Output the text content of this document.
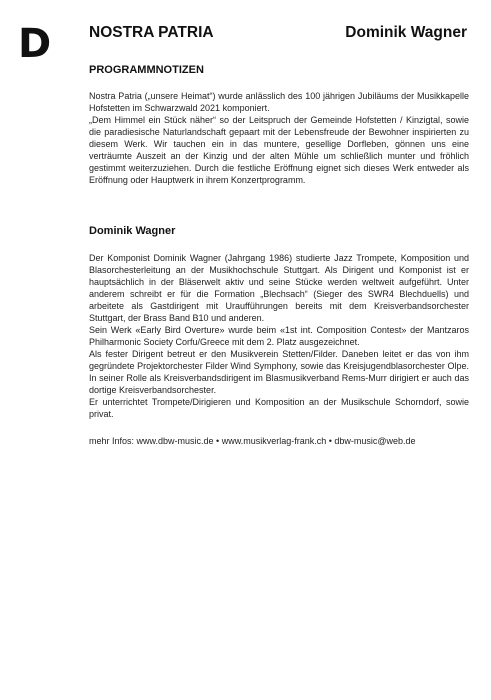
D NOSTRA PATRIA	Dominik Wagner
PROGRAMMNOTIZEN

Nostra Patria („unsere Heimat“) wurde anlässlich des 100 jährigen Jubiläums der Musikkapelle Hofstetten im Schwarzwald 2021 komponiert.

„Dem Himmel ein Stück näher“ so der Leitspruch der Gemeinde Hofstetten / Kinzigtal, sowie die paradiesische Naturlandschaft gepaart mit der Lebensfreude der Bewohner inspirierten zu diesem Werk. Wir tauchen ein in das muntere, gesellige Dorfleben, gönnen uns eine verträumte Auszeit an der Kinzig und der alten Mühle um schließlich munter und fröhlich gestimmt weiterzuziehen. Durch die festliche Eröffnung eignet sich dieses Werk entweder als Eröffnung oder Hauptwerk in ihrem Konzertprogramm.

Dominik Wagner

Der Komponist Dominik Wagner (Jahrgang 1986) studierte Jazz Trompete, Komposition und Blasorchesterleitung an der Musikhochschule Stuttgart. Als Dirigent und Komponist ist er hauptsächlich in der Bläserwelt aktiv und seine Stücke werden weltweit aufgeführt. Unter anderem schreibt er für die Formation „Blechsach“ (Sieger des SWR4 Blechduells) und arbeitete als Gastdirigent mit Uraufführungen bereits mit dem Kreisverbandsorchester Stuttgart, der Brass Band B10 und anderen.

Sein Werk «Early Bird Overture» wurde beim «1st int. Composition Contest» der Mantzaros Philharmonic Society Corfu/Greece mit dem 2. Platz ausgezeichnet.

Als fester Dirigent betreut er den Musikverein Stetten/Filder. Daneben leitet er das von ihm gegründete Projektorchester Filder Wind Symphony, sowie das Kreisjugendblasorchester Olpe. In seiner Rolle als Kreisverbandsdirigent im Blasmusikverband Rems-Murr dirigiert er auch das dortige Kreisverbandsorchester.

Er unterrichtet Trompete/Dirigieren und Komposition an der Musikschule Schorndorf, sowie privat.

mehr Infos: www.dbw-music.de • www.musikverlag-frank.ch • dbw-music@web.de
